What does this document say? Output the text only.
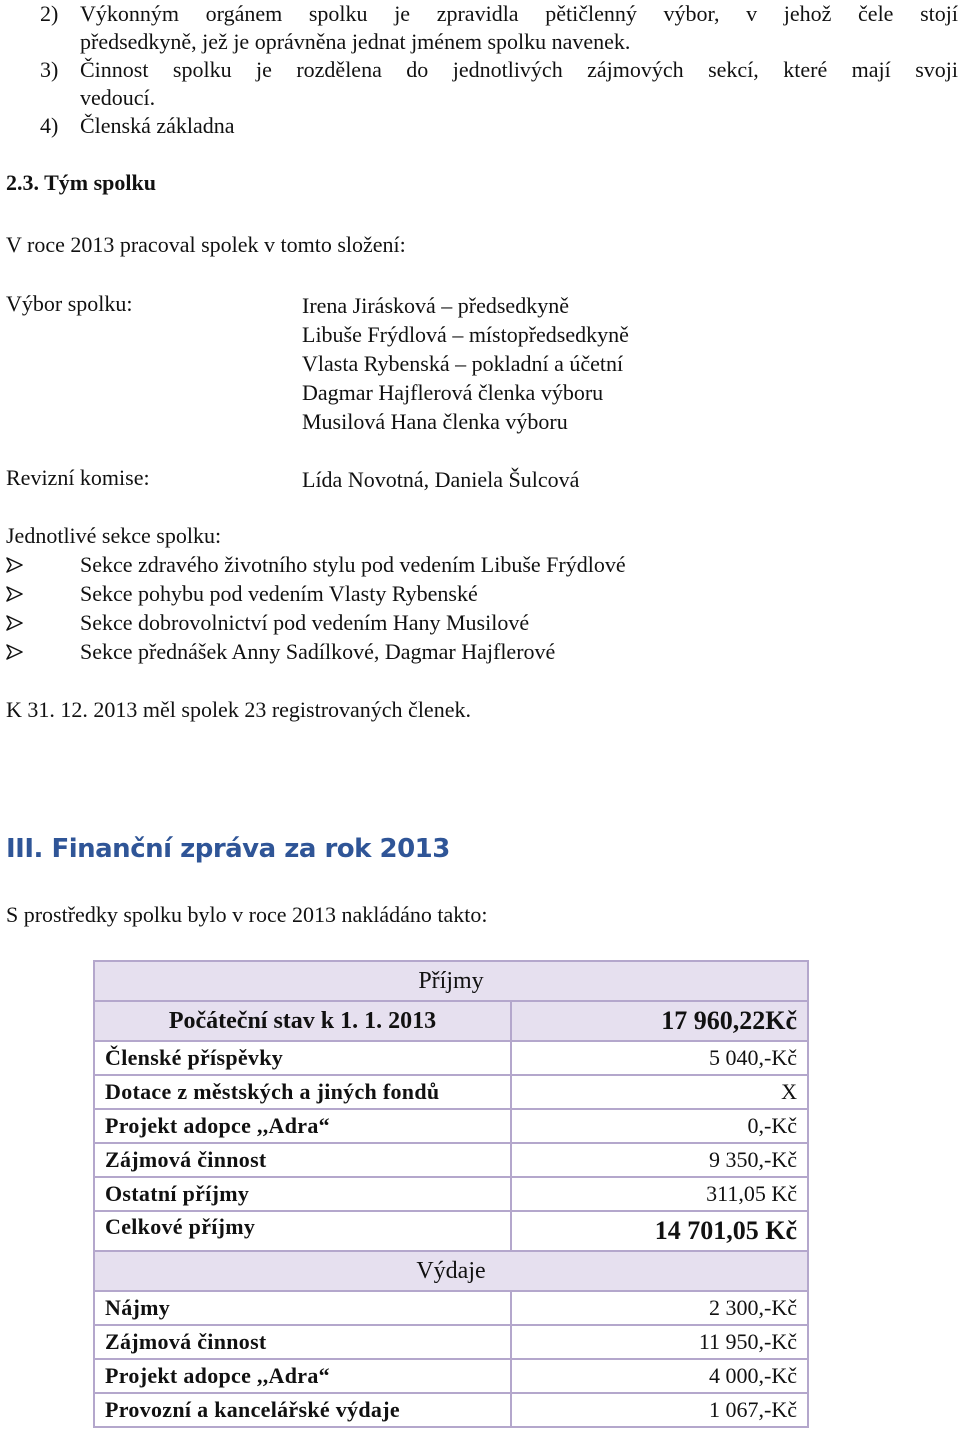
2) Výkonným orgánem spolku je zpravidla pětičlenný výbor, v jehož čele stojí
předsedkyně, jež je oprávněna jednat jménem spolku navenek.
3) Činnost spolku je rozdělena do jednotlivých zájmových sekcí, které mají svoji
vedoucí.
4) Členská základna
2.3. Tým spolku
V roce 2013 pracoval spolek v tomto složení:
Výbor spolku:	Irena Jirásková – předsedkyně
Libuše Frýdlová – místopředsedkyně
Vlasta Rybenská – pokladní a účetní
Dagmar Hajflerová členka výboru
Musilová Hana členka výboru
Revizní komise:	Lída Novotná, Daniela Šulcová
Jednotlivé sekce spolku:
Sekce zdravého životního stylu pod vedením Libuše Frýdlové
Sekce pohybu pod vedením Vlasty Rybenské
Sekce dobrovolnictví pod vedením Hany Musilové
Sekce přednášek Anny Sadílkové, Dagmar Hajflerové
K 31. 12. 2013 měl spolek 23 registrovaných členek.
III. Finanční zpráva za rok 2013
S prostředky spolku bylo v roce 2013 nakládáno takto:
Příjmy	
Počáteční stav k 1. 1. 2013	17 960,22Kč
Členské příspěvky	5 040,-Kč
Dotace z městských a jiných fondů	X
Projekt adopce ,,Adra“	0,-Kč
Zájmová činnost	9 350,-Kč
Ostatní příjmy	311,05 Kč
Celkové příjmy	14 701,05 Kč
Výdaje	
Nájmy	2 300,-Kč
Zájmová činnost	11 950,-Kč
Projekt adopce ,,Adra“	4 000,-Kč
Provozní a kancelářské výdaje	1 067,-Kč
